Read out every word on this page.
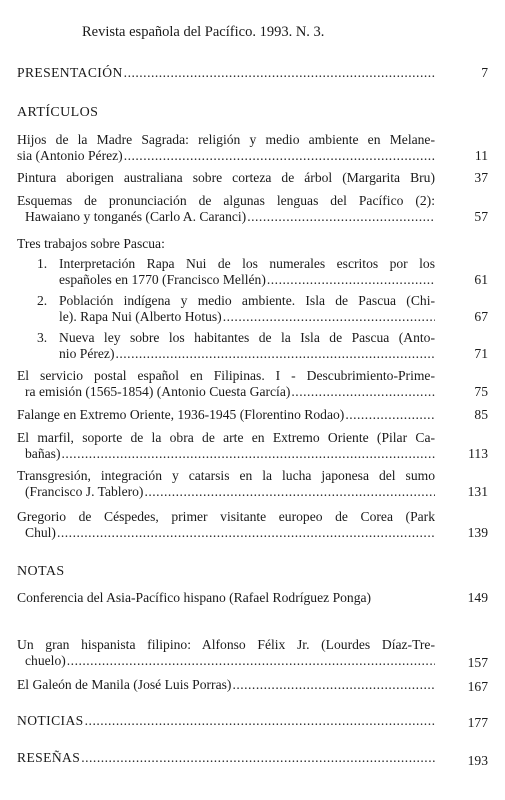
Revista española del Pacífico. 1993. N. 3.
PRESENTACIÓN .....	7
ARTÍCULOS
Hijos de la Madre Sagrada: religión y medio ambiente en Melane-
sia (Antonio Pérez) .....	11
Pintura aborigen australiana sobre corteza de árbol (Margarita Bru)	37
Esquemas de pronunciación de algunas lenguas del Pacífico (2):
Hawaiano y tonganés (Carlo A. Caranci) .....	57
Tres trabajos sobre Pascua:
1. Interpretación Rapa Nui de los numerales escritos por los
españoles en 1770 (Francisco Mellén) .....	61
2. Población indígena y medio ambiente. Isla de Pascua (Chi-
le). Rapa Nui (Alberto Hotus) .....	67
3. Nueva ley sobre los habitantes de la Isla de Pascua (Anto-
nio Pérez) .....	71
El servicio postal español en Filipinas. I - Descubrimiento-Prime-
ra emisión (1565-1854) (Antonio Cuesta García) .....	75
Falange en Extremo Oriente, 1936-1945 (Florentino Rodao) .....	85
El marfil, soporte de la obra de arte en Extremo Oriente (Pilar Ca-
bañas) .....	113
Transgresión, integración y catarsis en la lucha japonesa del sumo
(Francisco J. Tablero) .....	131
Gregorio de Céspedes, primer visitante europeo de Corea (Park
Chul) .....	139
NOTAS
Conferencia del Asia-Pacífico hispano (Rafael Rodríguez Ponga)	149
Un gran hispanista filipino: Alfonso Félix Jr. (Lourdes Díaz-Tre-
chuelo) .....	157
El Galeón de Manila (José Luis Porras) .....	167
NOTICIAS .....	177
RESEÑAS .....	193
